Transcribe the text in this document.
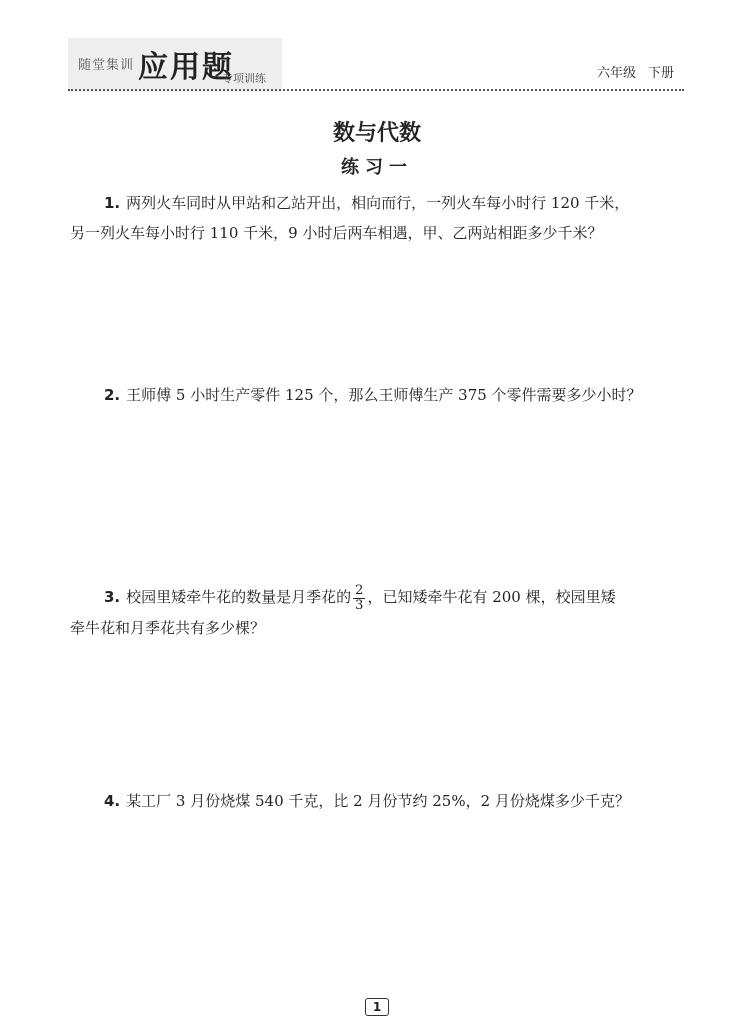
随堂集训 应用题
专项训练	六年级 下册
数与代数
练习一
1. 两列火车同时从甲站和乙站开出，相向而行，一列火车每小时行 120 千米，
另一列火车每小时行 110 千米，9 小时后两车相遇，甲、乙两站相距多少千米？
2. 王师傅 5 小时生产零件 125 个，那么王师傅生产 375 个零件需要多少小时？
3. 校园里矮牵牛花的数量是月季花的 $\frac{2}{3}$ ，已知矮牵牛花有 200 棵，校园里矮
牵牛花和月季花共有多少棵？
4. 某工厂 3 月份烧煤 540 千克，比 2 月份节约 25%，2 月份烧煤多少千克？
1
